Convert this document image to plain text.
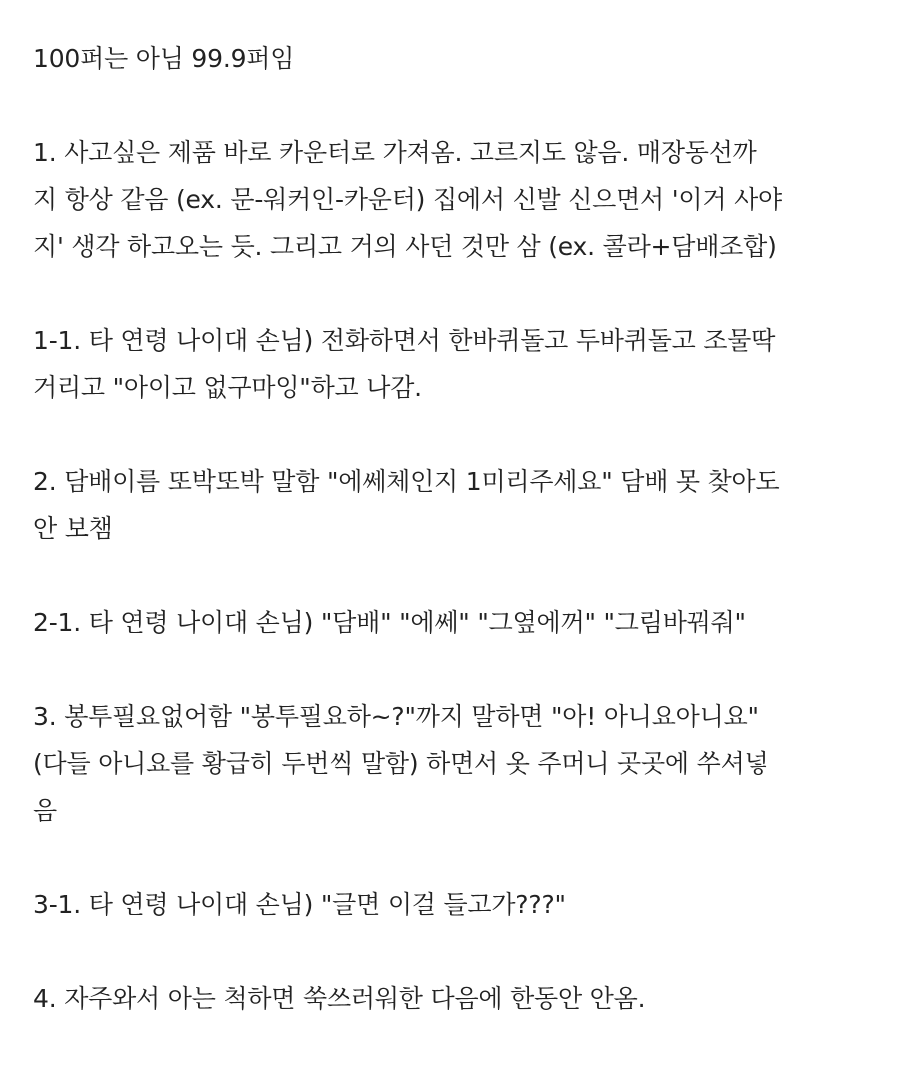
100퍼는 아님 99.9퍼임
1. 사고싶은 제품 바로 카운터로 가져옴. 고르지도 않음. 매장동선까
지 항상 같음 (ex. 문-워커인-카운터) 집에서 신발 신으면서 '이거 사야
지' 생각 하고오는 듯. 그리고 거의 사던 것만 삼 (ex. 콜라+담배조합)
1-1. 타 연령 나이대 손님) 전화하면서 한바퀴돌고 두바퀴돌고 조물딱
거리고 "아이고 없구마잉"하고 나감.
2. 담배이름 또박또박 말함 "에쎄체인지 1미리주세요" 담배 못 찾아도
안 보챔
2-1. 타 연령 나이대 손님) "담배" "에쎄" "그옆에꺼" "그림바꿔줘"
3. 봉투필요없어함 "봉투필요하~?"까지 말하면 "아! 아니요아니요"
(다들 아니요를 황급히 두번씩 말함) 하면서 옷 주머니 곳곳에 쑤셔넣
음
3-1. 타 연령 나이대 손님) "글면 이걸 들고가???"
4. 자주와서 아는 척하면 쑥쓰러워한 다음에 한동안 안옴.
